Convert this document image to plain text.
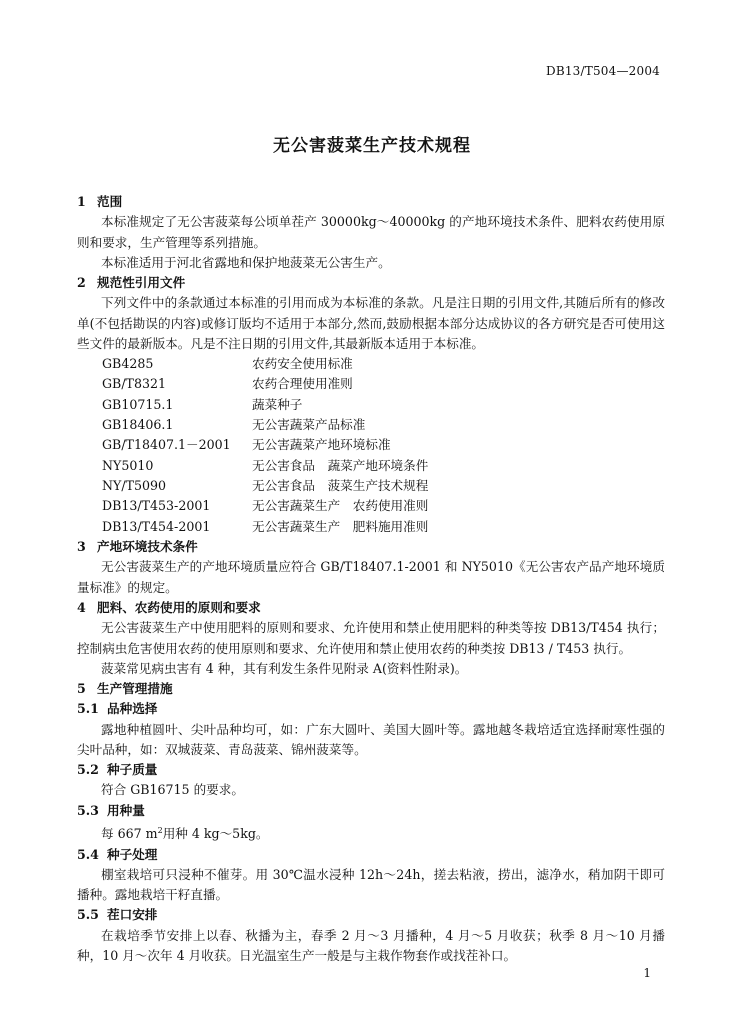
DB13/T504—2004
无公害菠菜生产技术规程
1 范围
本标准规定了无公害菠菜每公顷单茬产 30000kg～40000kg 的产地环境技术条件、肥料农药使用原则和要求，生产管理等系列措施。
本标准适用于河北省露地和保护地菠菜无公害生产。
2 规范性引用文件
下列文件中的条款通过本标准的引用而成为本标准的条款。凡是注日期的引用文件,其随后所有的修改单(不包括勘误的内容)或修订版均不适用于本部分,然而,鼓励根据本部分达成协议的各方研究是否可使用这些文件的最新版本。凡是不注日期的引用文件,其最新版本适用于本标准。
GB4285	农药安全使用标准
GB/T8321	农药合理使用准则
GB10715.1	蔬菜种子
GB18406.1	无公害蔬菜产品标准
GB/T18407.1－2001	无公害蔬菜产地环境标准
NY5010	无公害食品　蔬菜产地环境条件
NY/T5090	无公害食品　菠菜生产技术规程
DB13/T453-2001	无公害蔬菜生产　农药使用准则
DB13/T454-2001	无公害蔬菜生产　肥料施用准则
3 产地环境技术条件
无公害菠菜生产的产地环境质量应符合 GB/T18407.1-2001 和 NY5010《无公害农产品产地环境质量标准》的规定。
4 肥料、农药使用的原则和要求
无公害菠菜生产中使用肥料的原则和要求、允许使用和禁止使用肥料的种类等按 DB13/T454 执行；控制病虫危害使用农药的使用原则和要求、允许使用和禁止使用农药的种类按 DB13 / T453 执行。
菠菜常见病虫害有 4 种，其有利发生条件见附录 A(资料性附录)。
5 生产管理措施
5.1 品种选择
露地种植圆叶、尖叶品种均可，如：广东大圆叶、美国大圆叶等。露地越冬栽培适宜选择耐寒性强的尖叶品种，如：双城菠菜、青岛菠菜、锦州菠菜等。
5.2 种子质量
符合 GB16715 的要求。
5.3 用种量
每 667 $m^2$用种 4 kg～5kg。
5.4 种子处理
棚室栽培可只浸种不催芽。用 30℃温水浸种 12h～24h，搓去粘液，捞出，滤净水，稍加阴干即可播种。露地栽培干籽直播。
5.5 茬口安排
在栽培季节安排上以春、秋播为主，春季 2 月～3 月播种，4 月～5 月收获；秋季 8 月～10 月播种，10 月～次年 4 月收获。日光温室生产一般是与主栽作物套作或找茬补口。
1
